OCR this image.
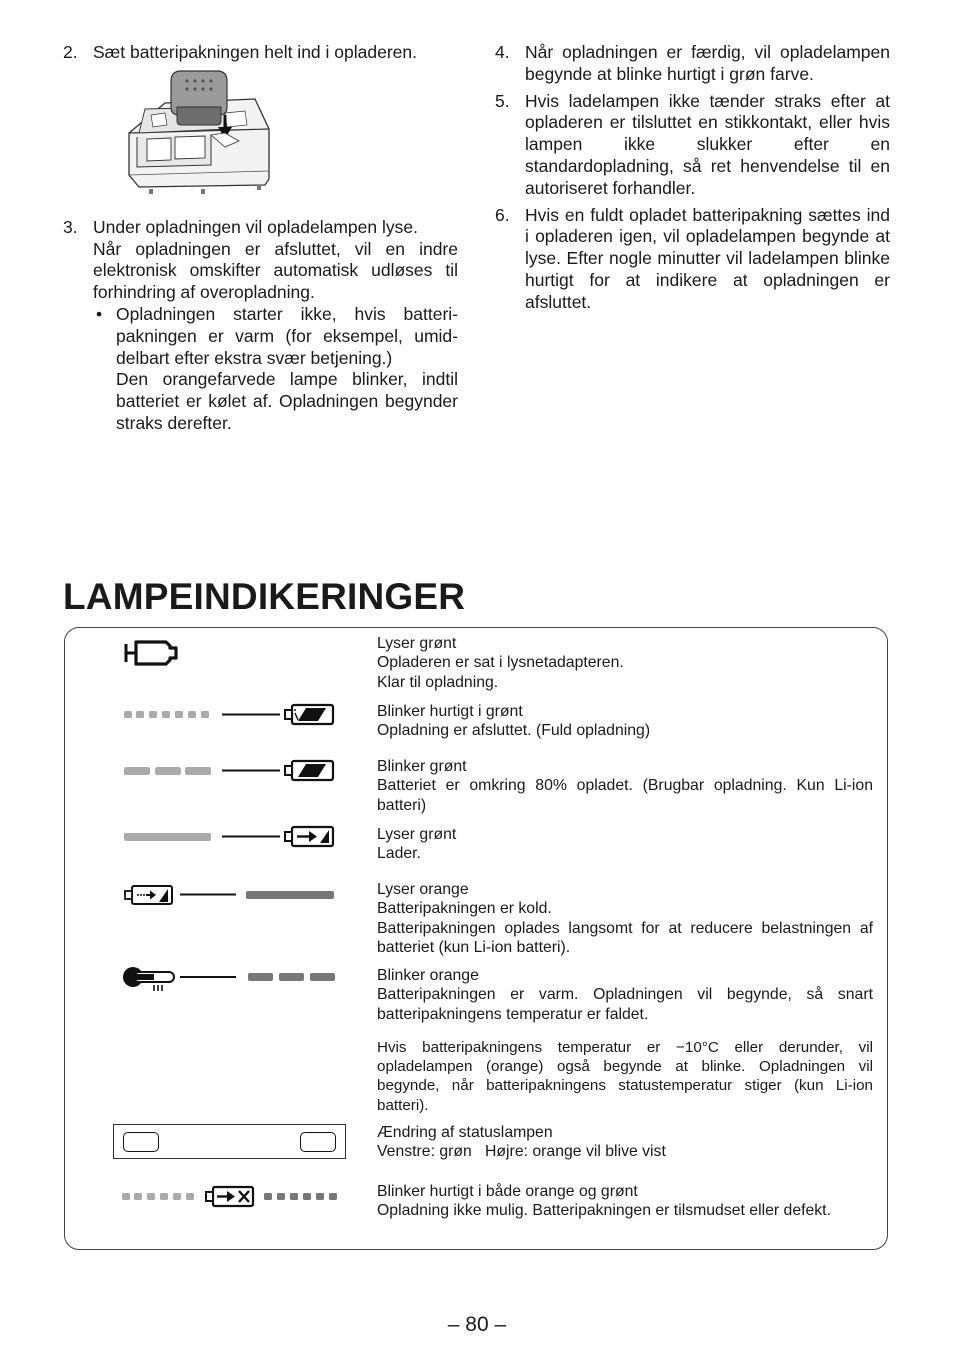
2. Sæt batteripakningen helt ind i opladeren.
3. Under opladningen vil opladelampen lyse.
Når opladningen er afsluttet, vil en indre elektronisk omskifter automatisk udløses til forhindring af overopladning.
• Opladningen starter ikke, hvis batteripakningen er varm (for eksempel, umiddelbart efter ekstra svær betjening.)
Den orangefarvede lampe blinker, indtil batteriet er kølet af. Opladningen begynder straks derefter.
4. Når opladningen er færdig, vil opladelampen begynde at blinke hurtigt i grøn farve.
5. Hvis ladelampen ikke tænder straks efter at opladeren er tilsluttet en stikkontakt, eller hvis lampen ikke slukker efter en standardopladning, så ret henvendelse til en autoriseret forhandler.
6. Hvis en fuldt opladet batteripakning sættes ind i opladeren igen, vil opladelampen begynde at lyse. Efter nogle minutter vil ladelampen blinke hurtigt for at indikere at opladningen er afsluttet.
LAMPEINDIKERINGER
Lyser grønt
Opladeren er sat i lysnetadapteren.
Klar til opladning.
Blinker hurtigt i grønt
Opladning er afsluttet. (Fuld opladning)
Blinker grønt
Batteriet er omkring 80% opladet. (Brugbar opladning. Kun Li-ion batteri)
Lyser grønt
Lader.
Lyser orange
Batteripakningen er kold.
Batteripakningen oplades langsomt for at reducere belastningen af batteriet (kun Li-ion batteri).
Blinker orange
Batteripakningen er varm. Opladningen vil begynde, så snart batteripakningens temperatur er faldet.
Hvis batteripakningens temperatur er −10°C eller derunder, vil opladelampen (orange) også begynde at blinke. Opladningen vil begynde, når batteripakningens statustemperatur stiger (kun Li-ion batteri).
Ændring af statuslampen
Venstre: grøn   Højre: orange vil blive vist
Blinker hurtigt i både orange og grønt
Opladning ikke mulig. Batteripakningen er tilsmudset eller defekt.
– 80 –
